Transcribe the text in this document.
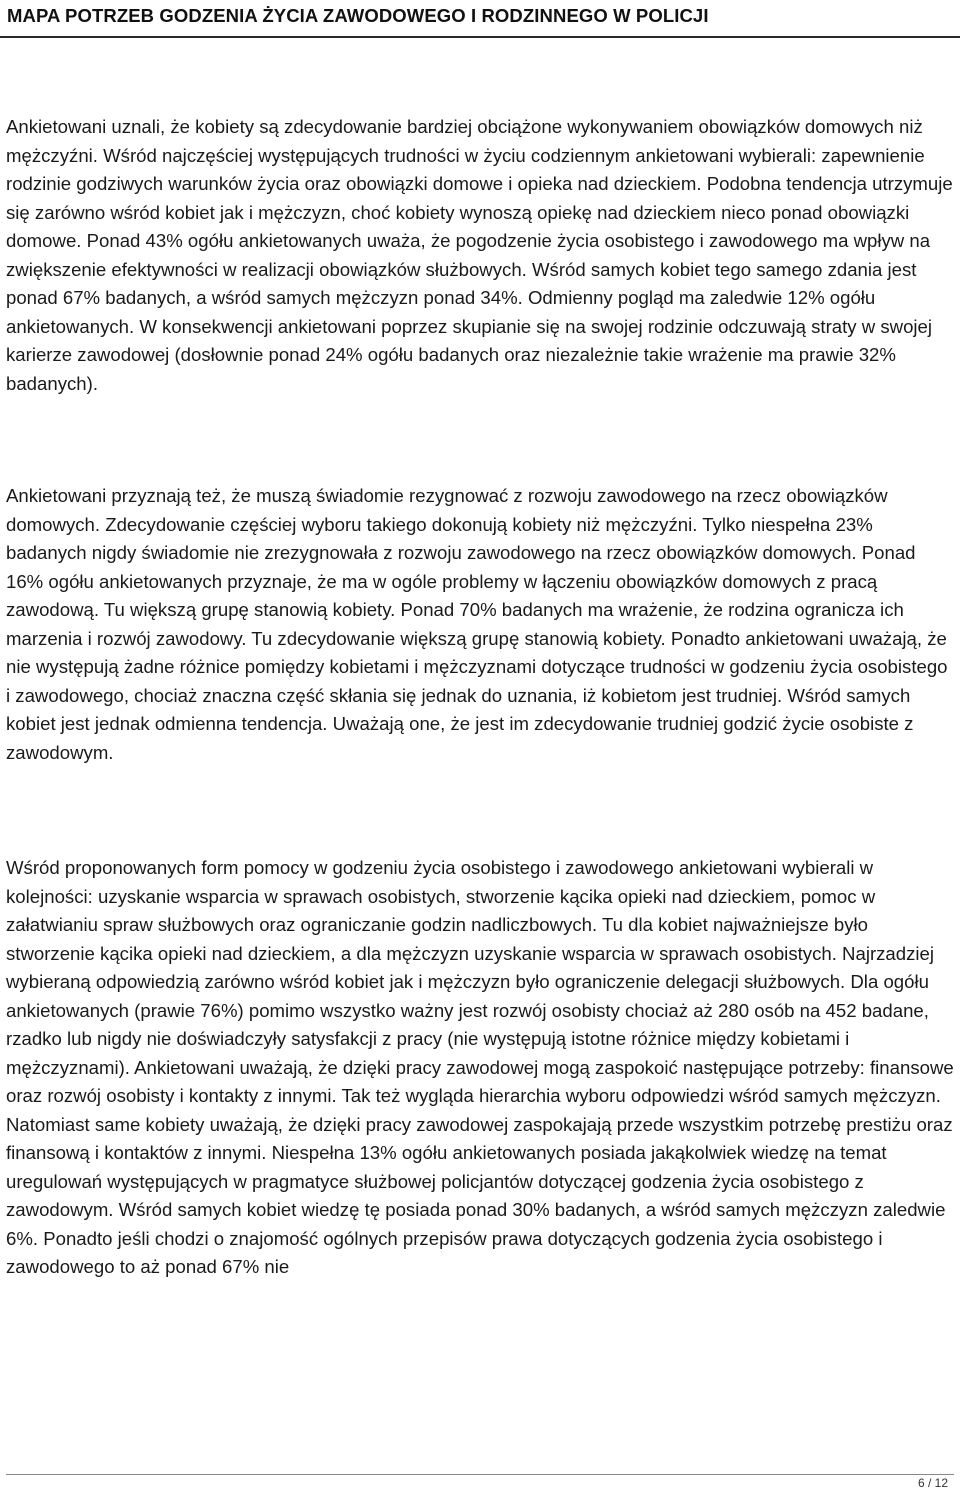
MAPA POTRZEB GODZENIA ŻYCIA ZAWODOWEGO I RODZINNEGO W POLICJI

Ankietowani uznali, że kobiety są zdecydowanie bardziej obciążone wykonywaniem obowiązków domowych niż mężczyźni. Wśród najczęściej występujących trudności w życiu codziennym ankietowani wybierali: zapewnienie rodzinie godziwych warunków życia oraz obowiązki domowe i opieka nad dzieckiem. Podobna tendencja utrzymuje się zarówno wśród kobiet jak i mężczyzn, choć kobiety wynoszą opiekę nad dzieckiem nieco ponad obowiązki domowe. Ponad 43% ogółu ankietowanych uważa, że pogodzenie życia osobistego i zawodowego ma wpływ na zwiększenie efektywności w realizacji obowiązków służbowych. Wśród samych kobiet tego samego zdania jest ponad 67% badanych, a wśród samych mężczyzn ponad 34%. Odmienny pogląd ma zaledwie 12% ogółu ankietowanych. W konsekwencji ankietowani poprzez skupianie się na swojej rodzinie odczuwają straty w swojej karierze zawodowej (dosłownie ponad 24% ogółu badanych oraz niezależnie takie wrażenie ma prawie 32% badanych).

Ankietowani przyznają też, że muszą świadomie rezygnować z rozwoju zawodowego na rzecz obowiązków domowych. Zdecydowanie częściej wyboru takiego dokonują kobiety niż mężczyźni. Tylko niespełna 23% badanych nigdy świadomie nie zrezygnowała z rozwoju zawodowego na rzecz obowiązków domowych. Ponad 16% ogółu ankietowanych przyznaje, że ma w ogóle problemy w łączeniu obowiązków domowych z pracą zawodową. Tu większą grupę stanowią kobiety. Ponad 70% badanych ma wrażenie, że rodzina ogranicza ich marzenia i rozwój zawodowy. Tu zdecydowanie większą grupę stanowią kobiety. Ponadto ankietowani uważają, że nie występują żadne różnice pomiędzy kobietami i mężczyznami dotyczące trudności w godzeniu życia osobistego i zawodowego, chociaż znaczna część skłania się jednak do uznania, iż kobietom jest trudniej. Wśród samych kobiet jest jednak odmienna tendencja. Uważają one, że jest im zdecydowanie trudniej godzić życie osobiste z zawodowym.

Wśród proponowanych form pomocy w godzeniu życia osobistego i zawodowego ankietowani wybierali w kolejności: uzyskanie wsparcia w sprawach osobistych, stworzenie kącika opieki nad dzieckiem, pomoc w załatwianiu spraw służbowych oraz ograniczanie godzin nadliczbowych. Tu dla kobiet najważniejsze było stworzenie kącika opieki nad dzieckiem, a dla mężczyzn uzyskanie wsparcia w sprawach osobistych. Najrzadziej wybieraną odpowiedzią zarówno wśród kobiet jak i mężczyzn było ograniczenie delegacji służbowych. Dla ogółu ankietowanych (prawie 76%) pomimo wszystko ważny jest rozwój osobisty chociaż aż 280 osób na 452 badane, rzadko lub nigdy nie doświadczyły satysfakcji z pracy (nie występują istotne różnice między kobietami i mężczyznami). Ankietowani uważają, że dzięki pracy zawodowej mogą zaspokoić następujące potrzeby: finansowe oraz rozwój osobisty i kontakty z innymi. Tak też wygląda hierarchia wyboru odpowiedzi wśród samych mężczyzn. Natomiast same kobiety uważają, że dzięki pracy zawodowej zaspokajają przede wszystkim potrzebę prestiżu oraz finansową i kontaktów z innymi. Niespełna 13% ogółu ankietowanych posiada jakąkolwiek wiedzę na temat uregulowań występujących w pragmatyce służbowej policjantów dotyczącej godzenia życia osobistego z zawodowym. Wśród samych kobiet wiedzę tę posiada ponad 30% badanych, a wśród samych mężczyzn zaledwie 6%. Ponadto jeśli chodzi o znajomość ogólnych przepisów prawa dotyczących godzenia życia osobistego i zawodowego to aż ponad 67% nie

6 / 12
